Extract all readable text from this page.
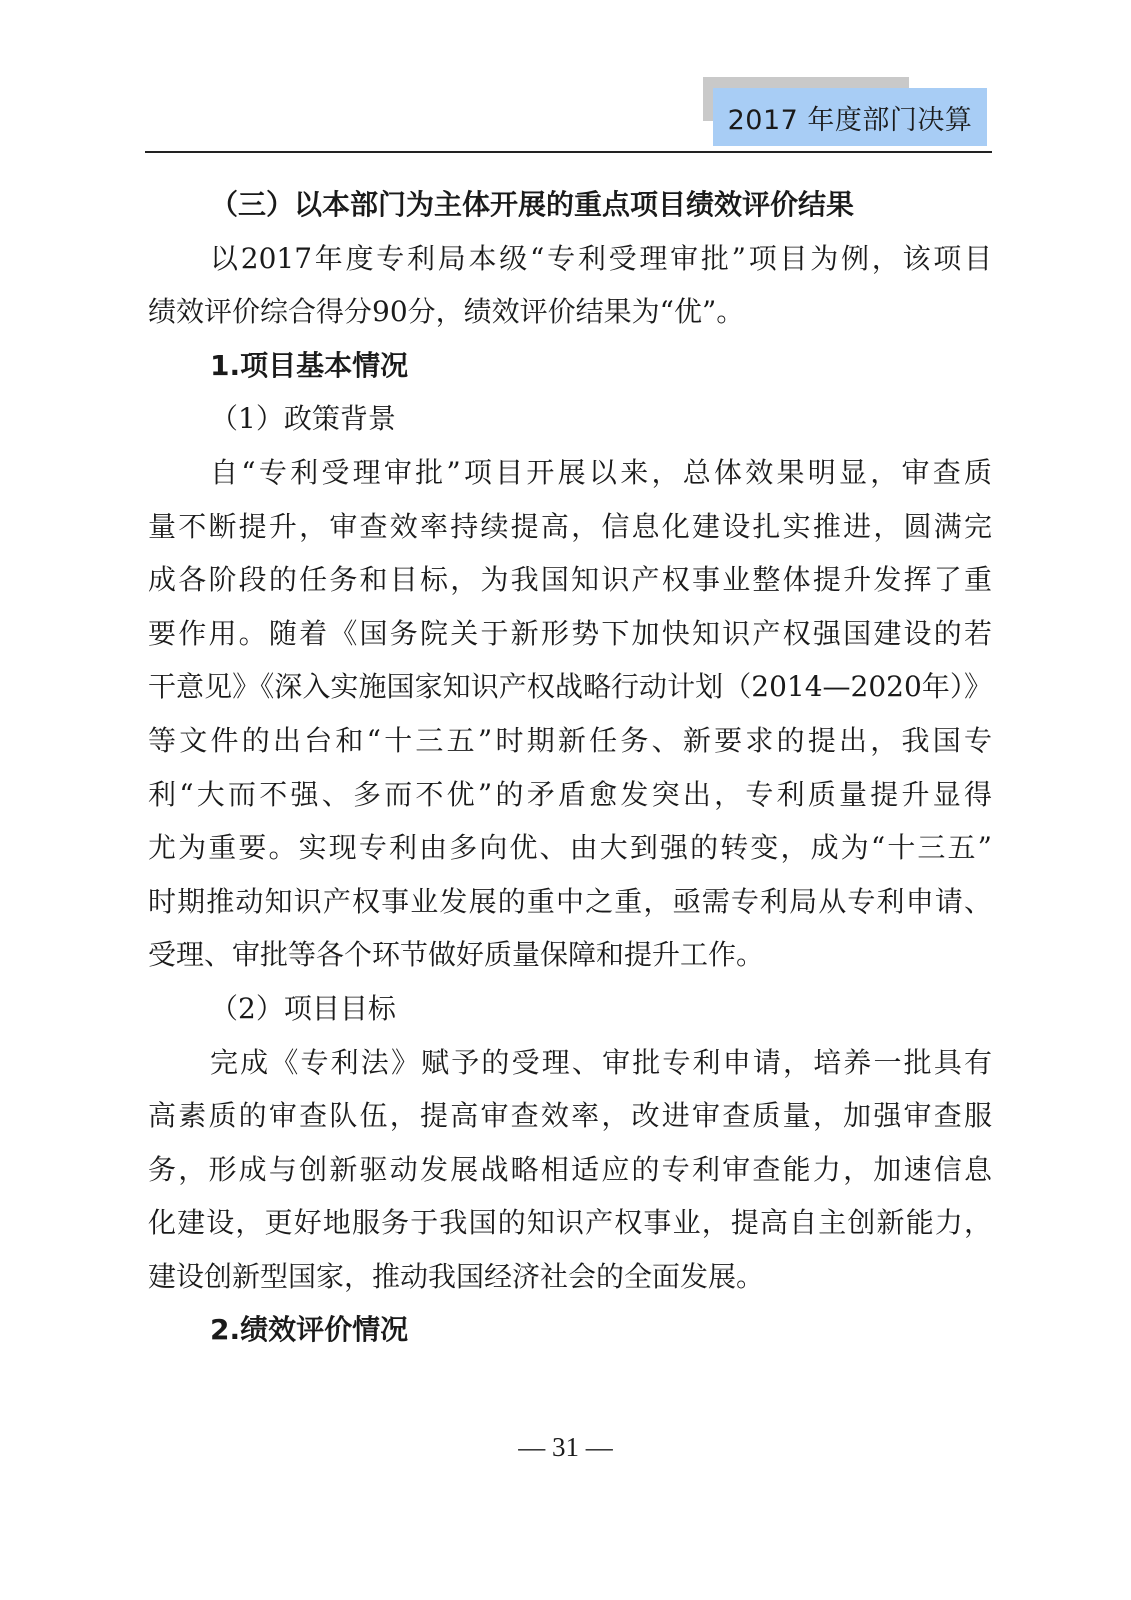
2017 年度部门决算
（三）以本部门为主体开展的重点项目绩效评价结果
以2017年度专利局本级“专利受理审批”项目为例，该项目
绩效评价综合得分90分，绩效评价结果为“优”。
1.项目基本情况
（1）政策背景
自“专利受理审批”项目开展以来，总体效果明显，审查质
量不断提升，审查效率持续提高，信息化建设扎实推进，圆满完
成各阶段的任务和目标，为我国知识产权事业整体提升发挥了重
要作用。随着《国务院关于新形势下加快知识产权强国建设的若
干意见》《深入实施国家知识产权战略行动计划（2014—2020年）》
等文件的出台和“十三五”时期新任务、新要求的提出，我国专
利“大而不强、多而不优”的矛盾愈发突出，专利质量提升显得
尤为重要。实现专利由多向优、由大到强的转变，成为“十三五”
时期推动知识产权事业发展的重中之重，亟需专利局从专利申请、
受理、审批等各个环节做好质量保障和提升工作。
（2）项目目标
完成《专利法》赋予的受理、审批专利申请，培养一批具有
高素质的审查队伍，提高审查效率，改进审查质量，加强审查服
务，形成与创新驱动发展战略相适应的专利审查能力，加速信息
化建设，更好地服务于我国的知识产权事业，提高自主创新能力，
建设创新型国家，推动我国经济社会的全面发展。
2.绩效评价情况
— 31 —
